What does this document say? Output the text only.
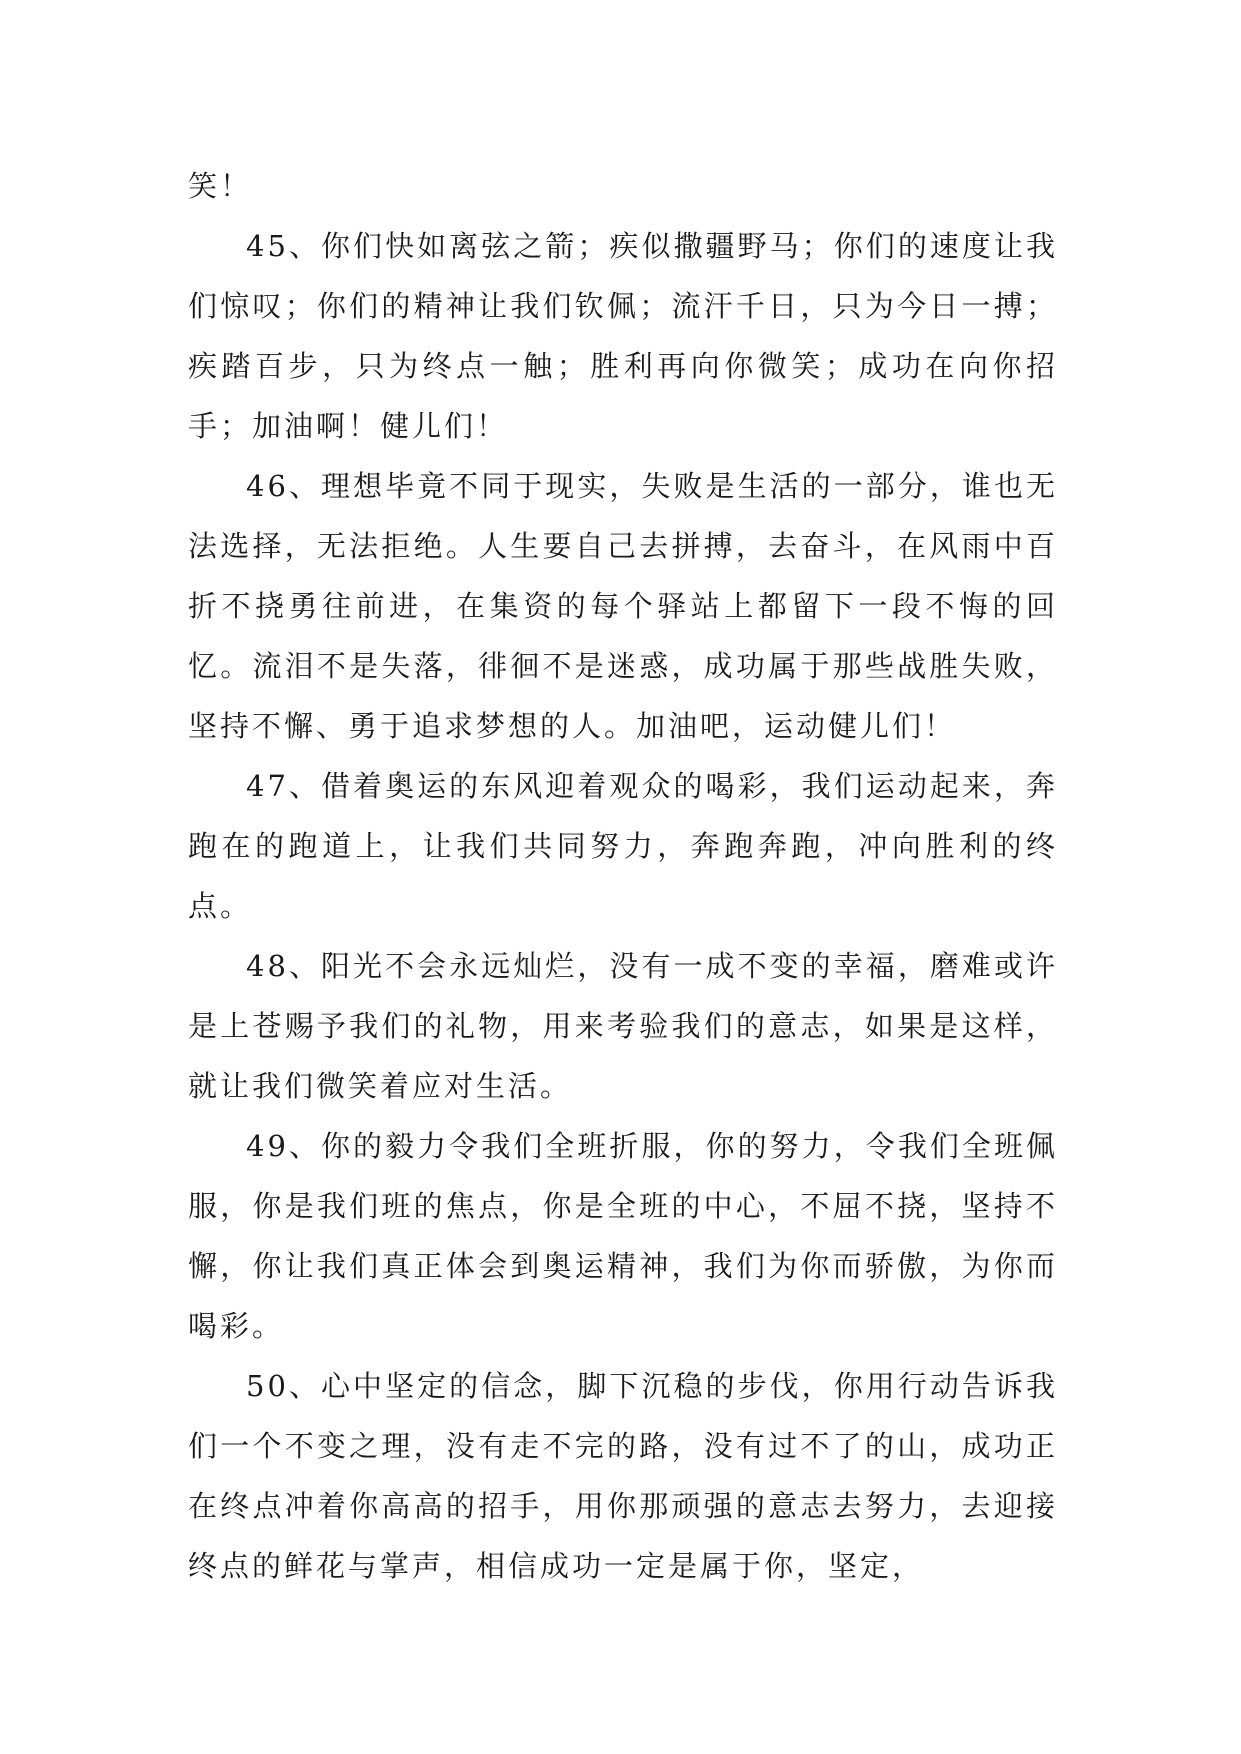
笑！

45、你们快如离弦之箭；疾似撒疆野马；你们的速度让我们惊叹；你们的精神让我们钦佩；流汗千日，只为今日一搏；疾踏百步，只为终点一触；胜利再向你微笑；成功在向你招手；加油啊！健儿们！

46、理想毕竟不同于现实，失败是生活的一部分，谁也无法选择，无法拒绝。人生要自己去拼搏，去奋斗，在风雨中百折不挠勇往前进，在集资的每个驿站上都留下一段不悔的回忆。流泪不是失落，徘徊不是迷惑，成功属于那些战胜失败，坚持不懈、勇于追求梦想的人。加油吧，运动健儿们！

47、借着奥运的东风迎着观众的喝彩，我们运动起来，奔跑在的跑道上，让我们共同努力，奔跑奔跑，冲向胜利的终点。

48、阳光不会永远灿烂，没有一成不变的幸福，磨难或许是上苍赐予我们的礼物，用来考验我们的意志，如果是这样，就让我们微笑着应对生活。

49、你的毅力令我们全班折服，你的努力，令我们全班佩服，你是我们班的焦点，你是全班的中心，不屈不挠，坚持不懈，你让我们真正体会到奥运精神，我们为你而骄傲，为你而喝彩。

50、心中坚定的信念，脚下沉稳的步伐，你用行动告诉我们一个不变之理，没有走不完的路，没有过不了的山，成功正在终点冲着你高高的招手，用你那顽强的意志去努力，去迎接终点的鲜花与掌声，相信成功一定是属于你，坚定，
